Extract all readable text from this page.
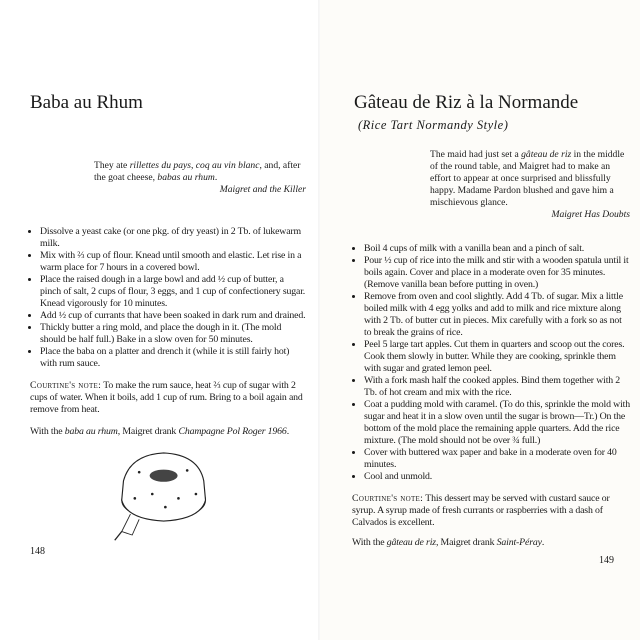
Baba au Rhum
They ate rillettes du pays, coq au vin blanc, and, after the goat cheese, babas au rhum.
Maigret and the Killer
• Dissolve a yeast cake (or one pkg. of dry yeast) in 2 Tb. of lukewarm milk.
• Mix with ⅔ cup of flour. Knead until smooth and elastic. Let rise in a warm place for 7 hours in a covered bowl.
• Place the raised dough in a large bowl and add ½ cup of butter, a pinch of salt, 2 cups of flour, 3 eggs, and 1 cup of confectionery sugar. Knead vigorously for 10 minutes.
• Add ½ cup of currants that have been soaked in dark rum and drained.
• Thickly butter a ring mold, and place the dough in it. (The mold should be half full.) Bake in a slow oven for 50 minutes.
• Place the baba on a platter and drench it (while it is still fairly hot) with rum sauce.
Courtine's note: To make the rum sauce, heat ⅔ cup of sugar with 2 cups of water. When it boils, add 1 cup of rum. Bring to a boil again and remove from heat.
With the baba au rhum, Maigret drank Champagne Pol Roger 1966.
148
Gâteau de Riz à la Normande
(Rice Tart Normandy Style)
The maid had just set a gâteau de riz in the middle of the round table, and Maigret had to make an effort to appear at once surprised and blissfully happy. Madame Pardon blushed and gave him a mischievous glance.
Maigret Has Doubts
• Boil 4 cups of milk with a vanilla bean and a pinch of salt.
• Pour ½ cup of rice into the milk and stir with a wooden spatula until it boils again. Cover and place in a moderate oven for 35 minutes. (Remove vanilla bean before putting in oven.)
• Remove from oven and cool slightly. Add 4 Tb. of sugar. Mix a little boiled milk with 4 egg yolks and add to milk and rice mixture along with 2 Tb. of butter cut in pieces. Mix carefully with a fork so as not to break the grains of rice.
• Peel 5 large tart apples. Cut them in quarters and scoop out the cores. Cook them slowly in butter. While they are cooking, sprinkle them with sugar and grated lemon peel.
• With a fork mash half the cooked apples. Bind them together with 2 Tb. of hot cream and mix with the rice.
• Coat a pudding mold with caramel. (To do this, sprinkle the mold with sugar and heat it in a slow oven until the sugar is brown—Tr.) On the bottom of the mold place the remaining apple quarters. Add the rice mixture. (The mold should not be over ¾ full.)
• Cover with buttered wax paper and bake in a moderate oven for 40 minutes.
• Cool and unmold.
Courtine's note: This dessert may be served with custard sauce or syrup. A syrup made of fresh currants or raspberries with a dash of Calvados is excellent.
With the gâteau de riz, Maigret drank Saint-Péray.
149
